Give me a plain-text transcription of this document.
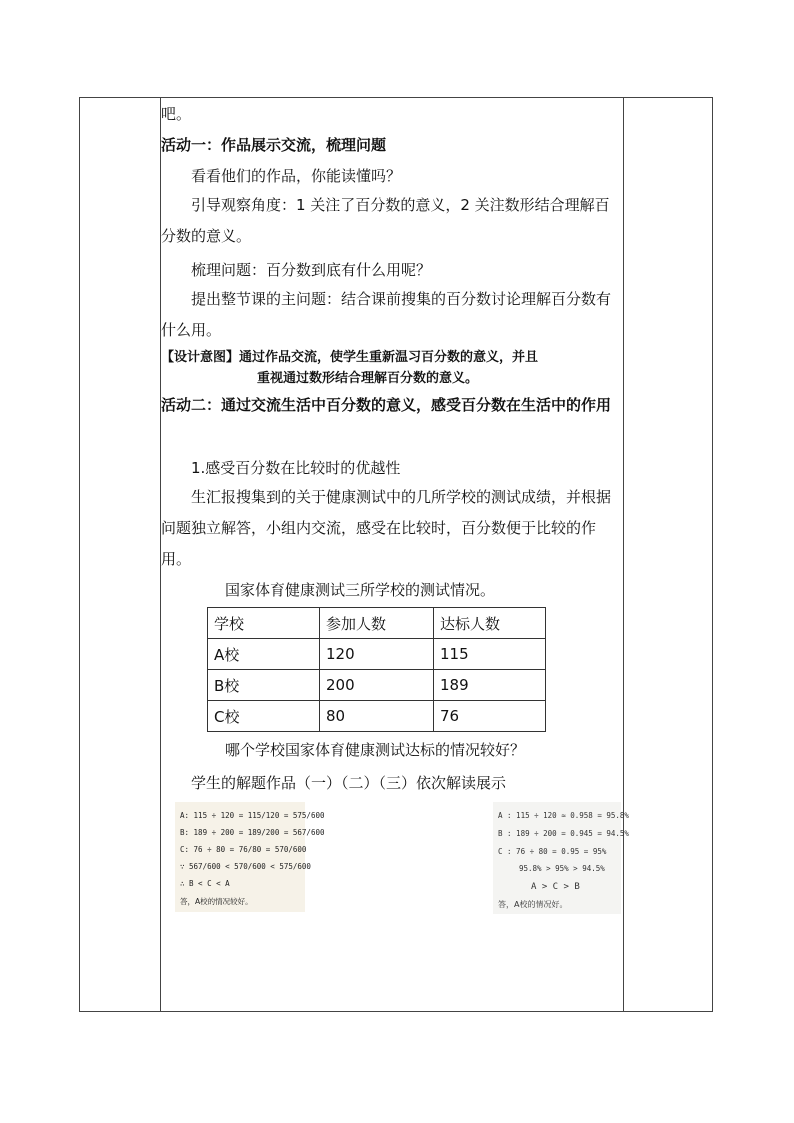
吧。
活动一：作品展示交流，梳理问题
看看他们的作品，你能读懂吗？
引导观察角度：1 关注了百分数的意义，2 关注数形结合理解百分数的意义。
梳理问题：百分数到底有什么用呢？
提出整节课的主问题：结合课前搜集的百分数讨论理解百分数有什么用。
【设计意图】通过作品交流，使学生重新温习百分数的意义，并且
重视通过数形结合理解百分数的意义。
活动二：通过交流生活中百分数的意义，感受百分数在生活中的作用
1.感受百分数在比较时的优越性
生汇报搜集到的关于健康测试中的几所学校的测试成绩，并根据问题独立解答，小组内交流，感受在比较时，百分数便于比较的作用。
国家体育健康测试三所学校的测试情况。
学校	参加人数	达标人数
A校	120	115
B校	200	189
C校	80	76
哪个学校国家体育健康测试达标的情况较好？
学生的解题作品（一）（二）（三）依次解读展示
A: 115 ÷ 120 = 115/120 = 575/600
B: 189 ÷ 200 = 189/200 = 567/600
C: 76 ÷ 80 = 76/80 = 570/600
∵ 567/600 < 570/600 < 575/600
∴ B < C < A
答，A校的情况较好。
A : 115 ÷ 120 ≈ 0.958 = 95.8%
B : 189 ÷ 200 = 0.945 = 94.5%
C : 76 ÷ 80 = 0.95 = 95%
95.8% > 95% > 94.5%
A > C > B
答，A校的情况好。
